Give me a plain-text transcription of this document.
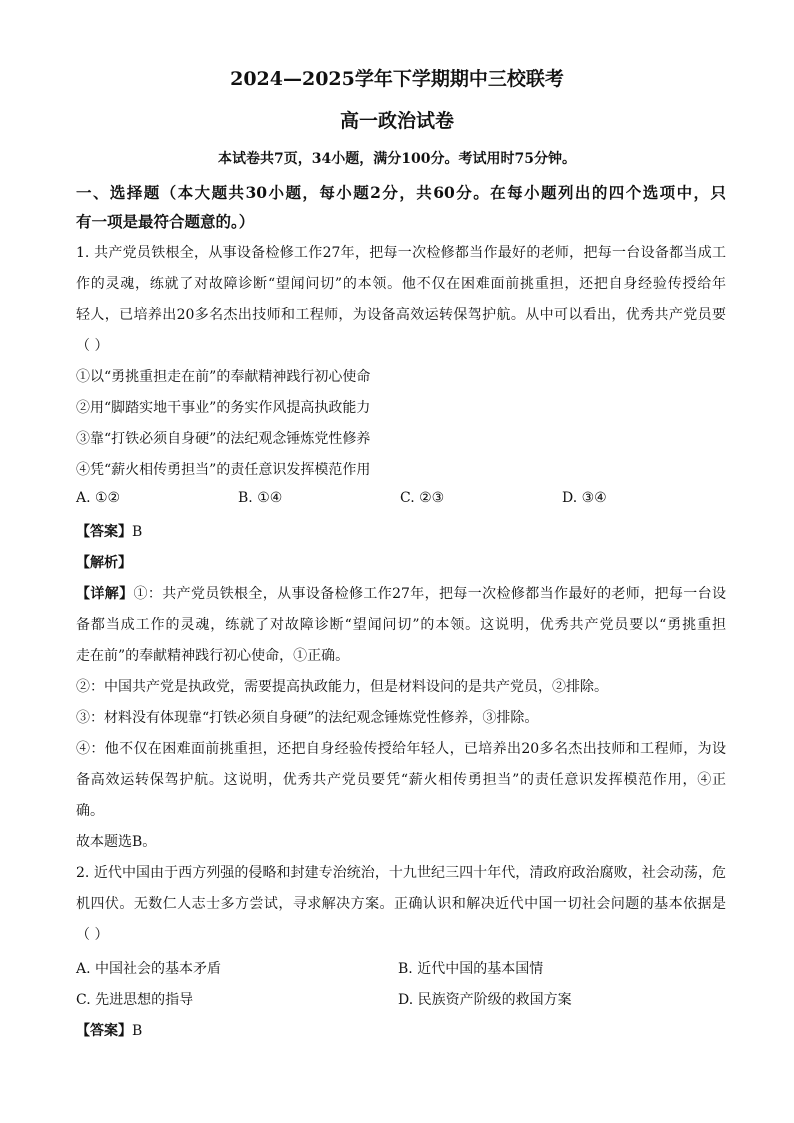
2024—2025学年下学期期中三校联考
高一政治试卷
本试卷共7页，34小题，满分100分。考试用时75分钟。
一、选择题（本大题共30小题，每小题2分，共60分。在每小题列出的四个选项中，只
有一项是最符合题意的。）
1. 共产党员铁根全，从事设备检修工作27年，把每一次检修都当作最好的老师，把每一台设备都当成工
作的灵魂，练就了对故障诊断“望闻问切”的本领。他不仅在困难面前挑重担，还把自身经验传授给年
轻人，已培养出20多名杰出技师和工程师，为设备高效运转保驾护航。从中可以看出，优秀共产党员要
（ ）
①以“勇挑重担走在前”的奉献精神践行初心使命
②用“脚踏实地干事业”的务实作风提高执政能力
③靠“打铁必须自身硬”的法纪观念锤炼党性修养
④凭“薪火相传勇担当”的责任意识发挥模范作用
A. ①②	B. ①④	C. ②③	D. ③④
【答案】B
【解析】
【详解】①：共产党员铁根全，从事设备检修工作27年，把每一次检修都当作最好的老师，把每一台设
备都当成工作的灵魂，练就了对故障诊断“望闻问切”的本领。这说明，优秀共产党员要以“勇挑重担
走在前”的奉献精神践行初心使命，①正确。
②：中国共产党是执政党，需要提高执政能力，但是材料设问的是共产党员，②排除。
③：材料没有体现靠“打铁必须自身硬”的法纪观念锤炼党性修养，③排除。
④：他不仅在困难面前挑重担，还把自身经验传授给年轻人，已培养出20多名杰出技师和工程师，为设
备高效运转保驾护航。这说明，优秀共产党员要凭“薪火相传勇担当”的责任意识发挥模范作用，④正
确。
故本题选B。
2. 近代中国由于西方列强的侵略和封建专治统治，十九世纪三四十年代，清政府政治腐败，社会动荡，危
机四伏。无数仁人志士多方尝试，寻求解决方案。正确认识和解决近代中国一切社会问题的基本依据是
（ ）
A. 中国社会的基本矛盾	B. 近代中国的基本国情
C. 先进思想的指导	D. 民族资产阶级的救国方案
【答案】B
